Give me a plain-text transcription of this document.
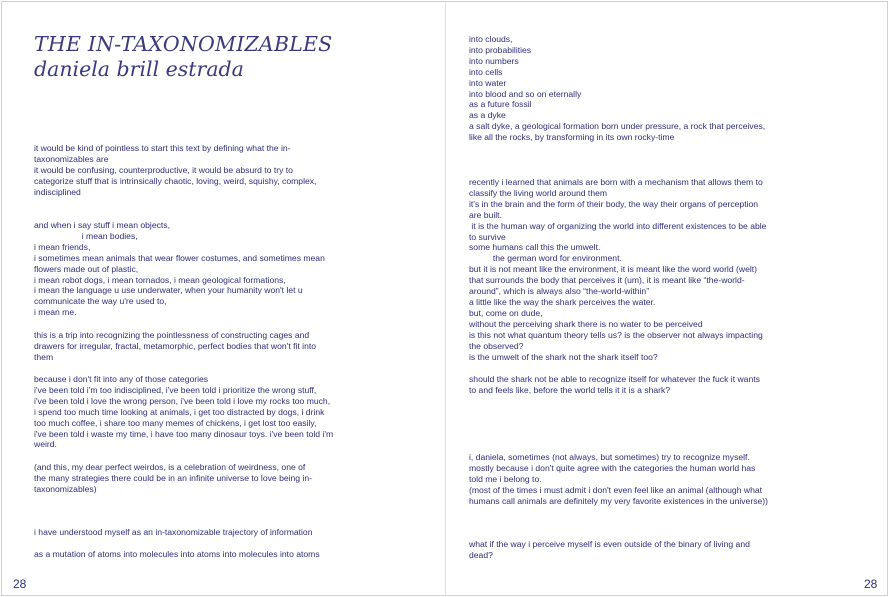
THE IN-TAXONOMIZABLES
daniela brill estrada

it would be kind of pointless to start this text by defining what the in-
taxonomizables are
it would be confusing, counterproductive, it would be absurd to try to
categorize stuff that is intrinsically chaotic, loving, weird, squishy, complex,
indisciplined

and when i say stuff i mean objects,
i mean bodies,
i mean friends,
i sometimes mean animals that wear flower costumes, and sometimes mean
flowers made out of plastic,
i mean robot dogs, i mean tornados, i mean geological formations,
i mean the language u use underwater, when your humanity won't let u
communicate the way u're used to,
i mean me.

this is a trip into recognizing the pointlessness of constructing cages and
drawers for irregular, fractal, metamorphic, perfect bodies that won't fit into
them

because i don't fit into any of those categories
i've been told i'm too indisciplined, i've been told i prioritize the wrong stuff,
i've been told i love the wrong person, i've been told i love my rocks too much,
i spend too much time looking at animals, i get too distracted by dogs, i drink
too much coffee, i share too many memes of chickens, i get lost too easily,
i've been told i waste my time, i have too many dinosaur toys. i've been told i'm
weird.

(and this, my dear perfect weirdos, is a celebration of weirdness, one of
the many strategies there could be in an infinite universe to love being in-
taxonomizables)

i have understood myself as an in-taxonomizable trajectory of information

as a mutation of atoms into molecules into atoms into molecules into atoms

28

into clouds,
into probabilities
into numbers
into cells
into water
into blood and so on eternally
as a future fossil
as a dyke
a salt dyke, a geological formation born under pressure, a rock that perceives,
like all the rocks, by transforming in its own rocky-time

recently i learned that animals are born with a mechanism that allows them to
classify the living world around them
it's in the brain and the form of their body, the way their organs of perception
are built.
it is the human way of organizing the world into different existences to be able
to survive
some humans call this the umwelt.
the german word for environment.
but it is not meant like the environment, it is meant like the word world (welt)
that surrounds the body that perceives it (um), it is meant like “the-world-
around”, which is always also “the-world-within”
a little like the way the shark perceives the water.
but, come on dude,
without the perceiving shark there is no water to be perceived
is this not what quantum theory tells us? is the observer not always impacting
the observed?
is the umwelt of the shark not the shark itself too?

should the shark not be able to recognize itself for whatever the fuck it wants
to and feels like, before the world tells it it is a shark?

i, daniela, sometimes (not always, but sometimes) try to recognize myself.
mostly because i don't quite agree with the categories the human world has
told me i belong to.
(most of the times i must admit i don't even feel like an animal (although what
humans call animals are definitely my very favorite existences in the universe))

what if the way i perceive myself is even outside of the binary of living and
dead?

28
